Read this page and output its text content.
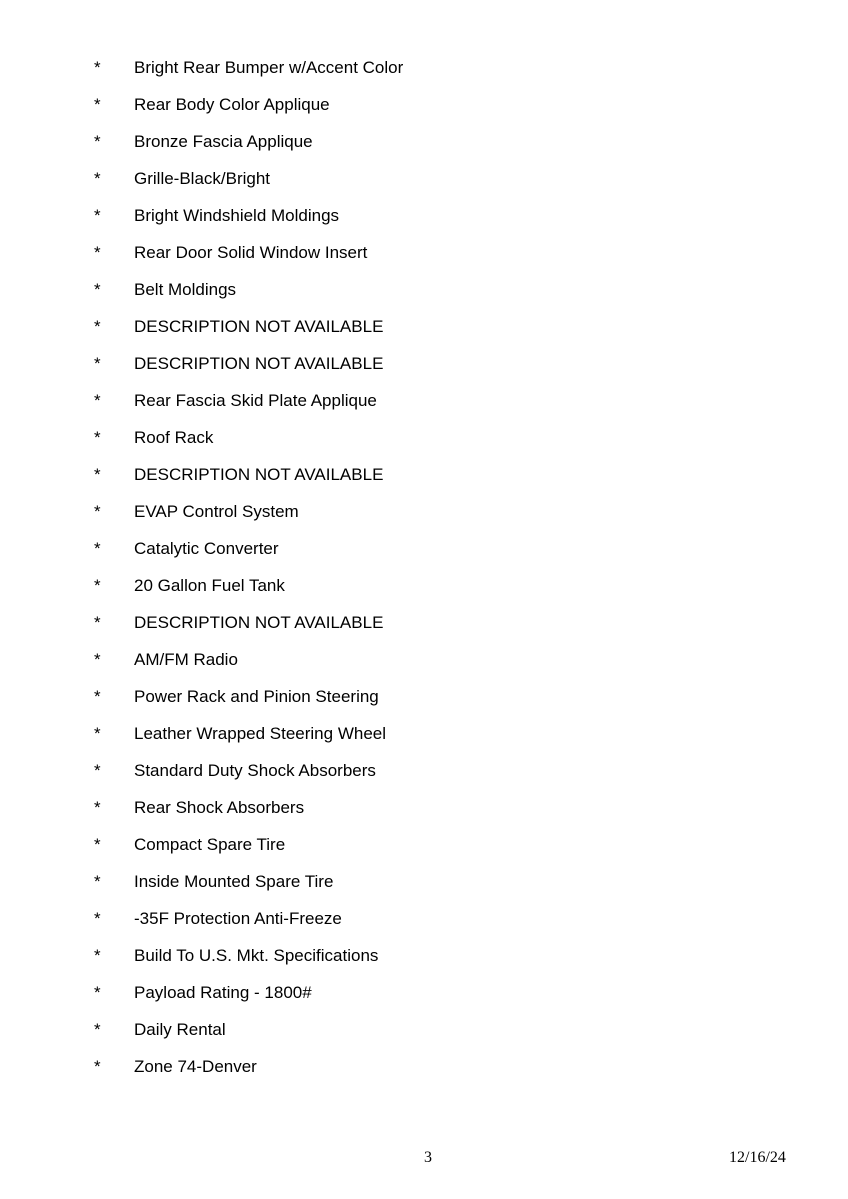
* Bright Rear Bumper w/Accent Color
* Rear Body Color Applique
* Bronze Fascia Applique
* Grille-Black/Bright
* Bright Windshield Moldings
* Rear Door Solid Window Insert
* Belt Moldings
* DESCRIPTION NOT AVAILABLE
* DESCRIPTION NOT AVAILABLE
* Rear Fascia Skid Plate Applique
* Roof Rack
* DESCRIPTION NOT AVAILABLE
* EVAP Control System
* Catalytic Converter
* 20 Gallon Fuel Tank
* DESCRIPTION NOT AVAILABLE
* AM/FM Radio
* Power Rack and Pinion Steering
* Leather Wrapped Steering Wheel
* Standard Duty Shock Absorbers
* Rear Shock Absorbers
* Compact Spare Tire
* Inside Mounted Spare Tire
* -35F Protection Anti-Freeze
* Build To U.S. Mkt. Specifications
* Payload Rating - 1800#
* Daily Rental
* Zone 74-Denver
3	12/16/24
